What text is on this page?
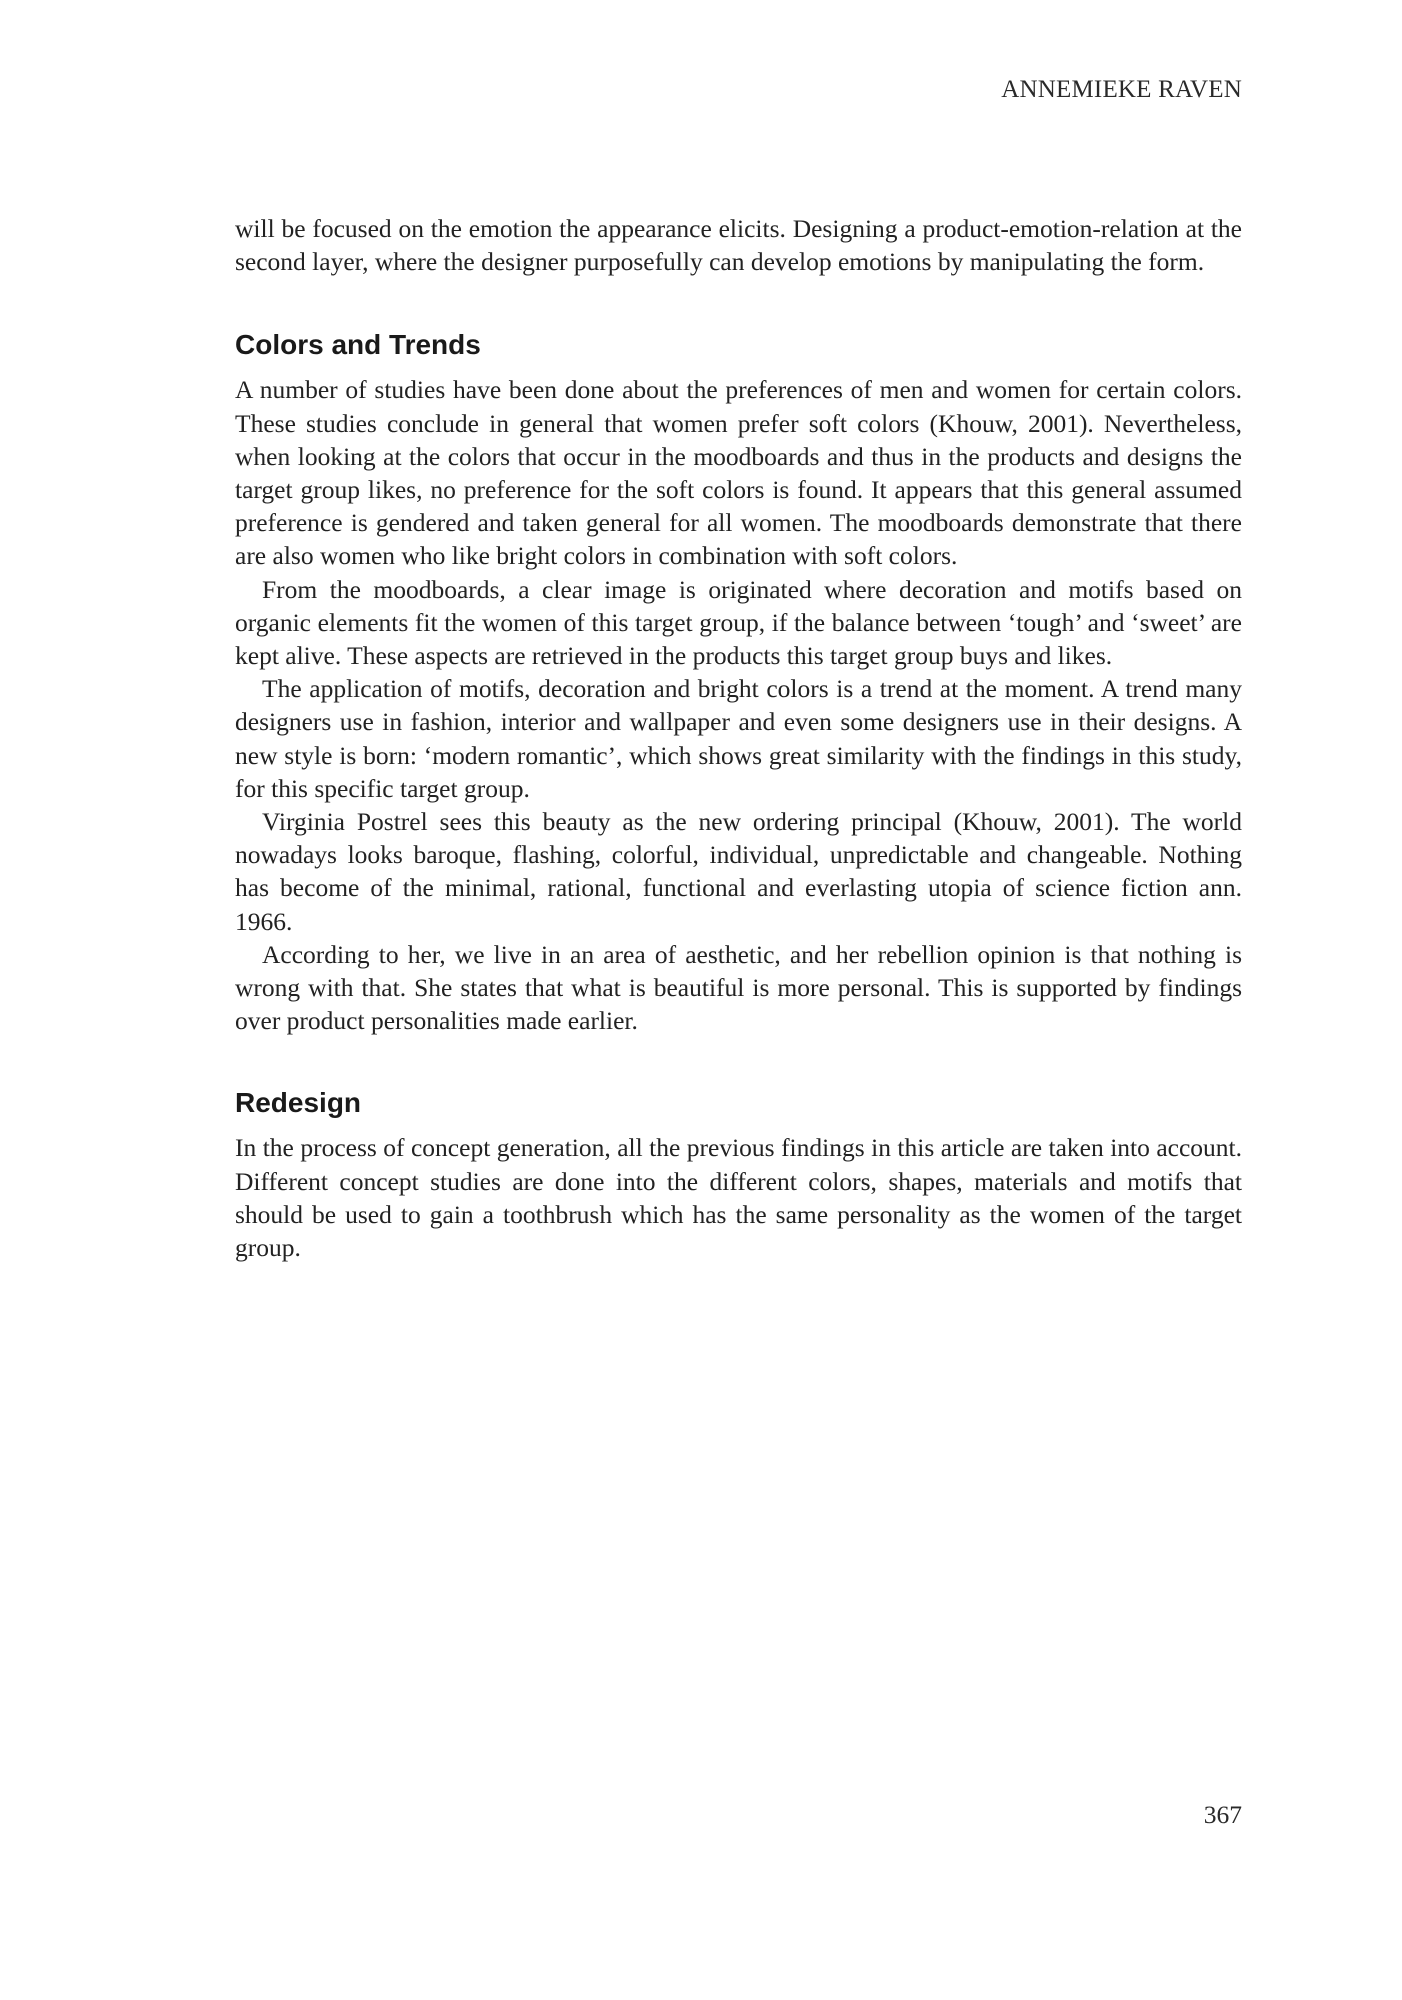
ANNEMIEKE RAVEN

will be focused on the emotion the appearance elicits. Designing a product-emotion-relation at the second layer, where the designer purposefully can develop emotions by manipulating the form.

Colors and Trends

A number of studies have been done about the preferences of men and women for certain colors. These studies conclude in general that women prefer soft colors (Khouw, 2001). Nevertheless, when looking at the colors that occur in the moodboards and thus in the products and designs the target group likes, no preference for the soft colors is found. It appears that this general assumed preference is gendered and taken general for all women. The moodboards demonstrate that there are also women who like bright colors in combination with soft colors.

From the moodboards, a clear image is originated where decoration and motifs based on organic elements fit the women of this target group, if the balance between ‘tough’ and ‘sweet’ are kept alive. These aspects are retrieved in the products this target group buys and likes.

The application of motifs, decoration and bright colors is a trend at the moment. A trend many designers use in fashion, interior and wallpaper and even some designers use in their designs. A new style is born: ‘modern romantic’, which shows great similarity with the findings in this study, for this specific target group.

Virginia Postrel sees this beauty as the new ordering principal (Khouw, 2001). The world nowadays looks baroque, flashing, colorful, individual, unpredictable and changeable. Nothing has become of the minimal, rational, functional and everlasting utopia of science fiction ann. 1966.

According to her, we live in an area of aesthetic, and her rebellion opinion is that nothing is wrong with that. She states that what is beautiful is more personal. This is supported by findings over product personalities made earlier.

Redesign

In the process of concept generation, all the previous findings in this article are taken into account. Different concept studies are done into the different colors, shapes, materials and motifs that should be used to gain a toothbrush which has the same personality as the women of the target group.

367
